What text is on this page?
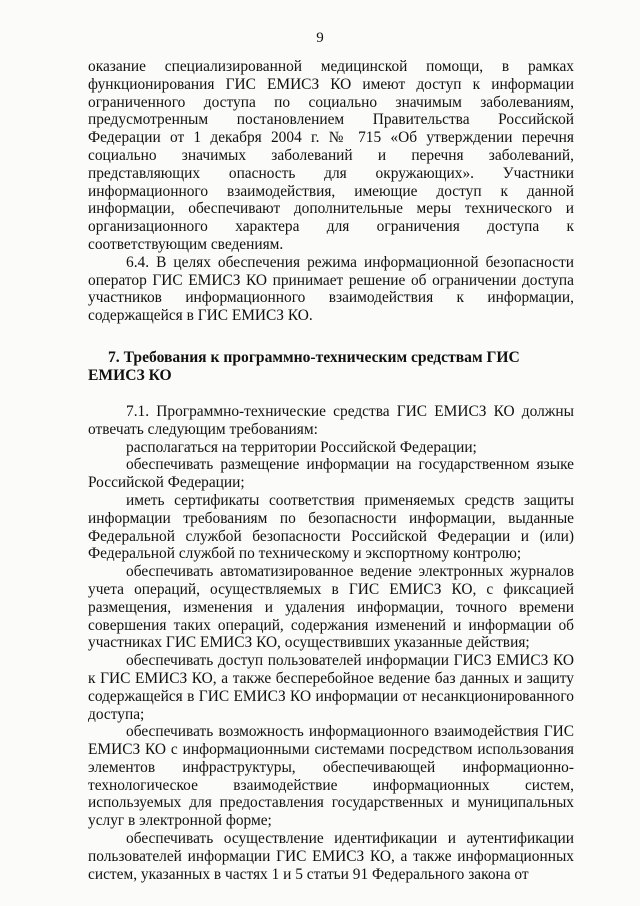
9

оказание специализированной медицинской помощи, в рамках функционирования ГИС ЕМИСЗ КО имеют доступ к информации ограниченного доступа по социально значимым заболеваниям, предусмотренным постановлением Правительства Российской Федерации от 1 декабря 2004 г. № 715 «Об утверждении перечня социально значимых заболеваний и перечня заболеваний, представляющих опасность для окружающих». Участники информационного взаимодействия, имеющие доступ к данной информации, обеспечивают дополнительные меры технического и организационного характера для ограничения доступа к соответствующим сведениям.

6.4. В целях обеспечения режима информационной безопасности оператор ГИС ЕМИСЗ КО принимает решение об ограничении доступа участников информационного взаимодействия к информации, содержащейся в ГИС ЕМИСЗ КО.

7. Требования к программно-техническим средствам ГИС ЕМИСЗ КО

7.1. Программно-технические средства ГИС ЕМИСЗ КО должны отвечать следующим требованиям:

располагаться на территории Российской Федерации;

обеспечивать размещение информации на государственном языке Российской Федерации;

иметь сертификаты соответствия применяемых средств защиты информации требованиям по безопасности информации, выданные Федеральной службой безопасности Российской Федерации и (или) Федеральной службой по техническому и экспортному контролю;

обеспечивать автоматизированное ведение электронных журналов учета операций, осуществляемых в ГИС ЕМИСЗ КО, с фиксацией размещения, изменения и удаления информации, точного времени совершения таких операций, содержания изменений и информации об участниках ГИС ЕМИСЗ КО, осуществивших указанные действия;

обеспечивать доступ пользователей информации ГИСЗ ЕМИСЗ КО к ГИС ЕМИСЗ КО, а также бесперебойное ведение баз данных и защиту содержащейся в ГИС ЕМИСЗ КО информации от несанкционированного доступа;

обеспечивать возможность информационного взаимодействия ГИС ЕМИСЗ КО с информационными системами посредством использования элементов инфраструктуры, обеспечивающей информационно-технологическое взаимодействие информационных систем, используемых для предоставления государственных и муниципальных услуг в электронной форме;

обеспечивать осуществление идентификации и аутентификации пользователей информации ГИС ЕМИСЗ КО, а также информационных систем, указанных в частях 1 и 5 статьи 91 Федерального закона от
